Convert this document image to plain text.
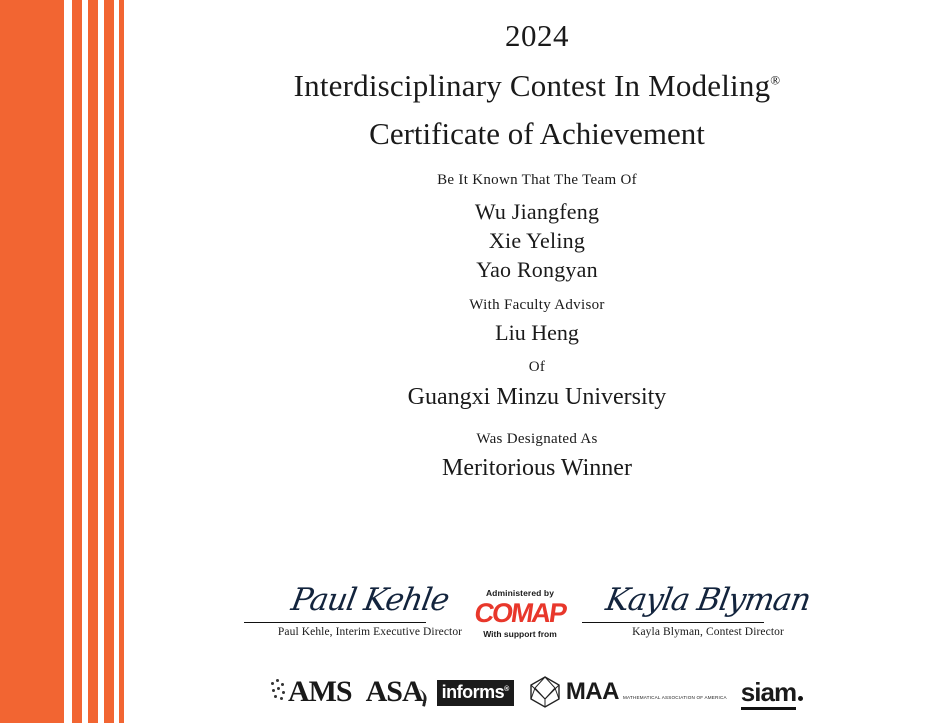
2024
Interdisciplinary Contest In Modeling®
Certificate of Achievement
Be It Known That The Team Of
Wu Jiangfeng
Xie Yeling
Yao Rongyan
With Faculty Advisor
Liu Heng
Of
Guangxi Minzu University
Was Designated As
Meritorious Winner
Paul Kehle
Paul Kehle, Interim Executive Director
Kayla Blyman
Kayla Blyman, Contest Director
Administered by
COMAP
With support from
AMS ASA informs® MAA MATHEMATICAL ASSOCIATION OF AMERICA siam
